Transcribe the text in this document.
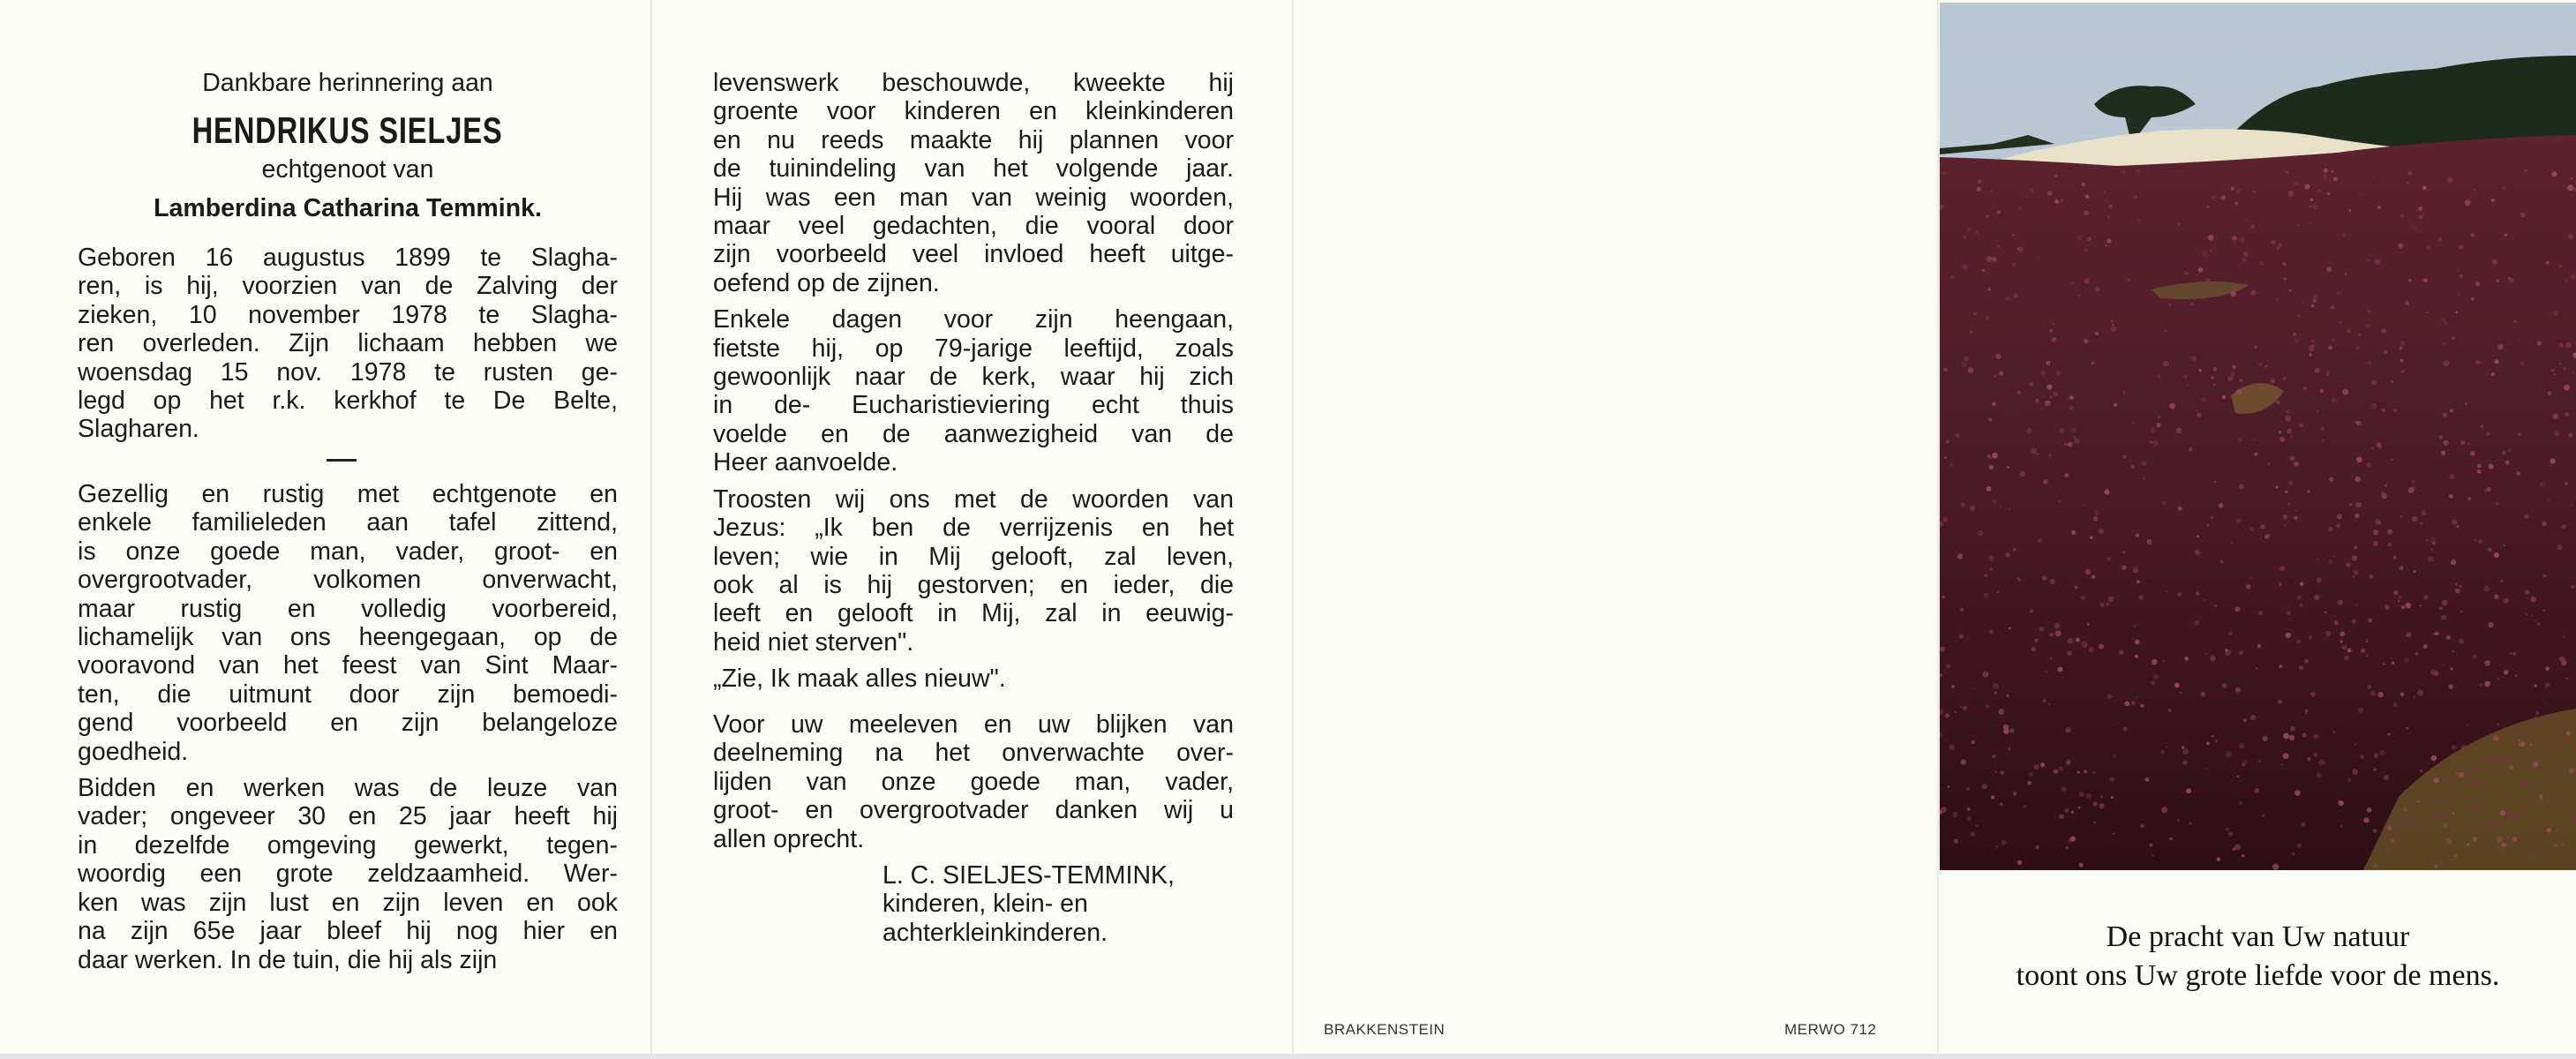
Dankbare herinnering aan
HENDRIKUS SIELJES
echtgenoot van
Lamberdina Catharina Temmink.
Geboren 16 augustus 1899 te Slagha-
ren, is hij, voorzien van de Zalving der
zieken, 10 november 1978 te Slagha-
ren overleden. Zijn lichaam hebben we
woensdag 15 nov. 1978 te rusten ge-
legd op het r.k. kerkhof te De Belte,
Slagharen.
Gezellig en rustig met echtgenote en
enkele familieleden aan tafel zittend,
is onze goede man, vader, groot- en
overgrootvader, volkomen onverwacht,
maar rustig en volledig voorbereid,
lichamelijk van ons heengegaan, op de
vooravond van het feest van Sint Maar-
ten, die uitmunt door zijn bemoedi-
gend voorbeeld en zijn belangeloze
goedheid.
Bidden en werken was de leuze van
vader; ongeveer 30 en 25 jaar heeft hij
in dezelfde omgeving gewerkt, tegen-
woordig een grote zeldzaamheid. Wer-
ken was zijn lust en zijn leven en ook
na zijn 65e jaar bleef hij nog hier en
daar werken. In de tuin, die hij als zijn
levenswerk beschouwde, kweekte hij
groente voor kinderen en kleinkinderen
en nu reeds maakte hij plannen voor
de tuinindeling van het volgende jaar.
Hij was een man van weinig woorden,
maar veel gedachten, die vooral door
zijn voorbeeld veel invloed heeft uitge-
oefend op de zijnen.
Enkele dagen voor zijn heengaan,
fietste hij, op 79-jarige leeftijd, zoals
gewoonlijk naar de kerk, waar hij zich
in de- Eucharistieviering echt thuis
voelde en de aanwezigheid van de
Heer aanvoelde.
Troosten wij ons met de woorden van
Jezus: „Ik ben de verrijzenis en het
leven; wie in Mij gelooft, zal leven,
ook al is hij gestorven; en ieder, die
leeft en gelooft in Mij, zal in eeuwig-
heid niet sterven".
„Zie, Ik maak alles nieuw".
Voor uw meeleven en uw blijken van
deelneming na het onverwachte over-
lijden van onze goede man, vader,
groot- en overgrootvader danken wij u
allen oprecht.
L. C. SIELJES-TEMMINK,
kinderen, klein- en
achterkleinkinderen.
BRAKKENSTEIN	MERWO 712
De pracht van Uw natuur
toont ons Uw grote liefde voor de mens.
